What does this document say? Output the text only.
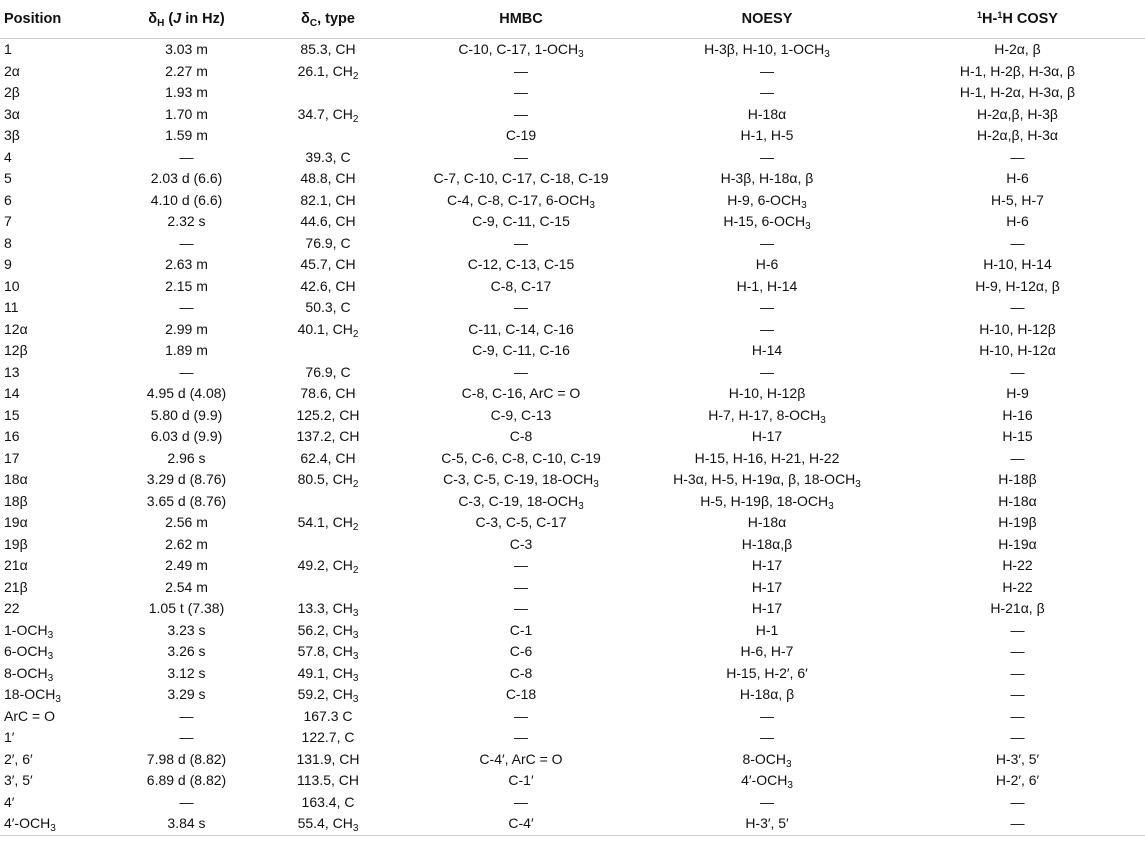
Position	$\delta_H$ (J in Hz)	$\delta_C$, type	HMBC	NOESY	$^1$H-$^1$H COSY
1	3.03 m	85.3, CH	C-10, C-17, $1-OCH_3$	H-3β, H-10, $1-OCH_3$	H-2α, β
2α	2.27 m	26.1, $CH_2$	—	—	H-1, H-2β, H-3α, β
2β	1.93 m		—	—	H-1, H-2α, H-3α, β
3α	1.70 m	34.7, $CH_2$	—	H-18α	H-2α,β, H-3β
3β	1.59 m		C-19	H-1, H-5	H-2α,β, H-3α
4	—	39.3, C	—	—	—
5	2.03 d (6.6)	48.8, CH	C-7, C-10, C-17, C-18, C-19	H-3β, H-18α, β	H-6
6	4.10 d (6.6)	82.1, CH	C-4, C-8, C-17, $6-OCH_3$	H-9, $6-OCH_3$	H-5, H-7
7	2.32 s	44.6, CH	C-9, C-11, C-15	H-15, $6-OCH_3$	H-6
8	—	76.9, C	—	—	—
9	2.63 m	45.7, CH	C-12, C-13, C-15	H-6	H-10, H-14
10	2.15 m	42.6, CH	C-8, C-17	H-1, H-14	H-9, H-12α, β
11	—	50.3, C	—	—	—
12α	2.99 m	40.1, $CH_2$	C-11, C-14, C-16	—	H-10, H-12β
12β	1.89 m		C-9, C-11, C-16	H-14	H-10, H-12α
13	—	76.9, C	—	—	—
14	4.95 d (4.08)	78.6, CH	C-8, C-16, ArC = O	H-10, H-12β	H-9
15	5.80 d (9.9)	125.2, CH	C-9, C-13	H-7, H-17, $8-OCH_3$	H-16
16	6.03 d (9.9)	137.2, CH	C-8	H-17	H-15
17	2.96 s	62.4, CH	C-5, C-6, C-8, C-10, C-19	H-15, H-16, H-21, H-22	—
18α	3.29 d (8.76)	80.5, $CH_2$	C-3, C-5, C-19, $18-OCH_3$	H-3α, H-5, H-19α, β, $18-OCH_3$	H-18β
18β	3.65 d (8.76)		C-3, C-19, $18-OCH_3$	H-5, H-19β, $18-OCH_3$	H-18α
19α	2.56 m	54.1, $CH_2$	C-3, C-5, C-17	H-18α	H-19β
19β	2.62 m		C-3	H-18α,β	H-19α
21α	2.49 m	49.2, $CH_2$	—	H-17	H-22
21β	2.54 m		—	H-17	H-22
22	1.05 t (7.38)	13.3, $CH_3$	—	H-17	H-21α, β
$1-OCH_3$	3.23 s	56.2, $CH_3$	C-1	H-1	—
$6-OCH_3$	3.26 s	57.8, $CH_3$	C-6	H-6, H-7	—
$8-OCH_3$	3.12 s	49.1, $CH_3$	C-8	H-15, H-2′, 6′	—
$18-OCH_3$	3.29 s	59.2, $CH_3$	C-18	H-18α, β	—
ArC = O	—	167.3 C	—	—	—
1′	—	122.7, C	—	—	—
2′, 6′	7.98 d (8.82)	131.9, CH	C-4′, ArC = O	$8-OCH_3$	H-3′, 5′
3′, 5′	6.89 d (8.82)	113.5, CH	C-1′	$4'-OCH_3$	H-2′, 6′
4′	—	163.4, C	—	—	—
$4'-OCH_3$	3.84 s	55.4, $CH_3$	C-4′	H-3′, 5′	—
